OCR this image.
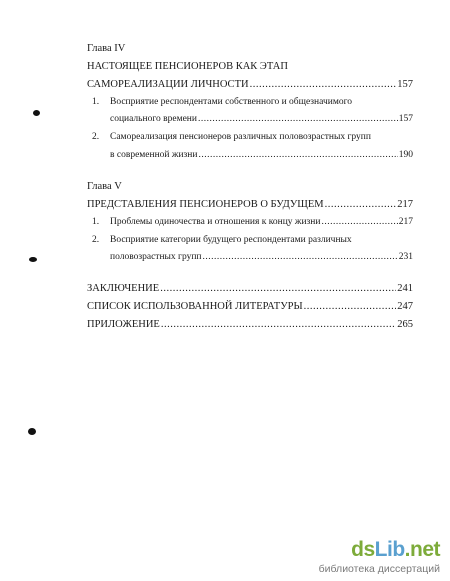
Глава IV
НАСТОЯЩЕЕ ПЕНСИОНЕРОВ КАК ЭТАП
САМОРЕАЛИЗАЦИИ ЛИЧНОСТИ .....	157
1. Восприятие респондентами собственного и общезначимого
социального времени .....	157
2. Самореализация пенсионеров различных половозрастных групп
в современной жизни .....	190
Глава V
ПРЕДСТАВЛЕНИЯ ПЕНСИОНЕРОВ О БУДУЩЕМ .....	217
1.	Проблемы одиночества и отношения к концу жизни .....	217
2. Восприятие категории будущего респондентами различных
половозрастных групп .....	231
ЗАКЛЮЧЕНИЕ .....	241
СПИСОК ИСПОЛЬЗОВАННОЙ ЛИТЕРАТУРЫ .....	247
ПРИЛОЖЕНИЕ .....	265
dsLib.net
библиотека диссертаций
